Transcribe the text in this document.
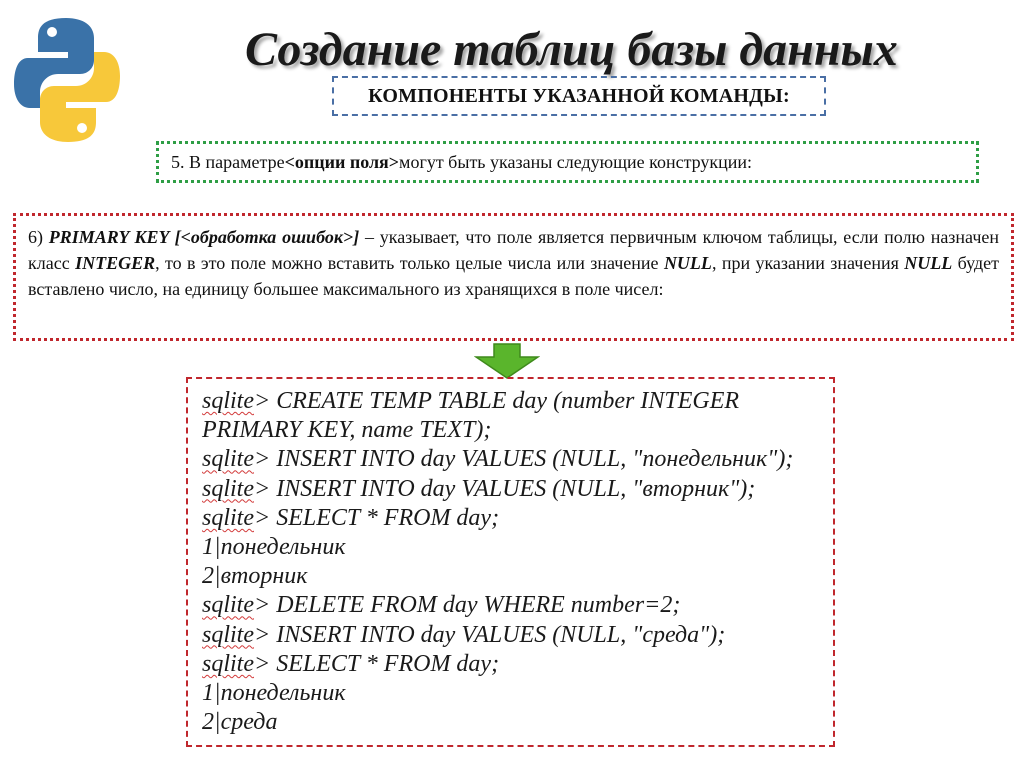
Создание таблиц базы данных
КОМПОНЕНТЫ УКАЗАННОЙ КОМАНДЫ:
5. В параметре <опции поля> могут быть указаны следующие конструкции:
6) PRIMARY KEY [<обработка ошибок>] – указывает, что поле является первичным ключом таблицы, если полю назначен класс INTEGER, то в это поле можно вставить только целые числа или значение NULL, при указании значения NULL будет вставлено число, на единицу большее максимального из хранящихся в поле чисел:
sqlite> CREATE TEMP TABLE day (number INTEGER
PRIMARY KEY, name TEXT);
sqlite> INSERT INTO day VALUES (NULL, "понедельник");
sqlite> INSERT INTO day VALUES (NULL, "вторник");
sqlite> SELECT * FROM day;
1|понедельник
2|вторник
sqlite> DELETE FROM day WHERE number=2;
sqlite> INSERT INTO day VALUES (NULL, "среда");
sqlite> SELECT * FROM day;
1|понедельник
2|среда
